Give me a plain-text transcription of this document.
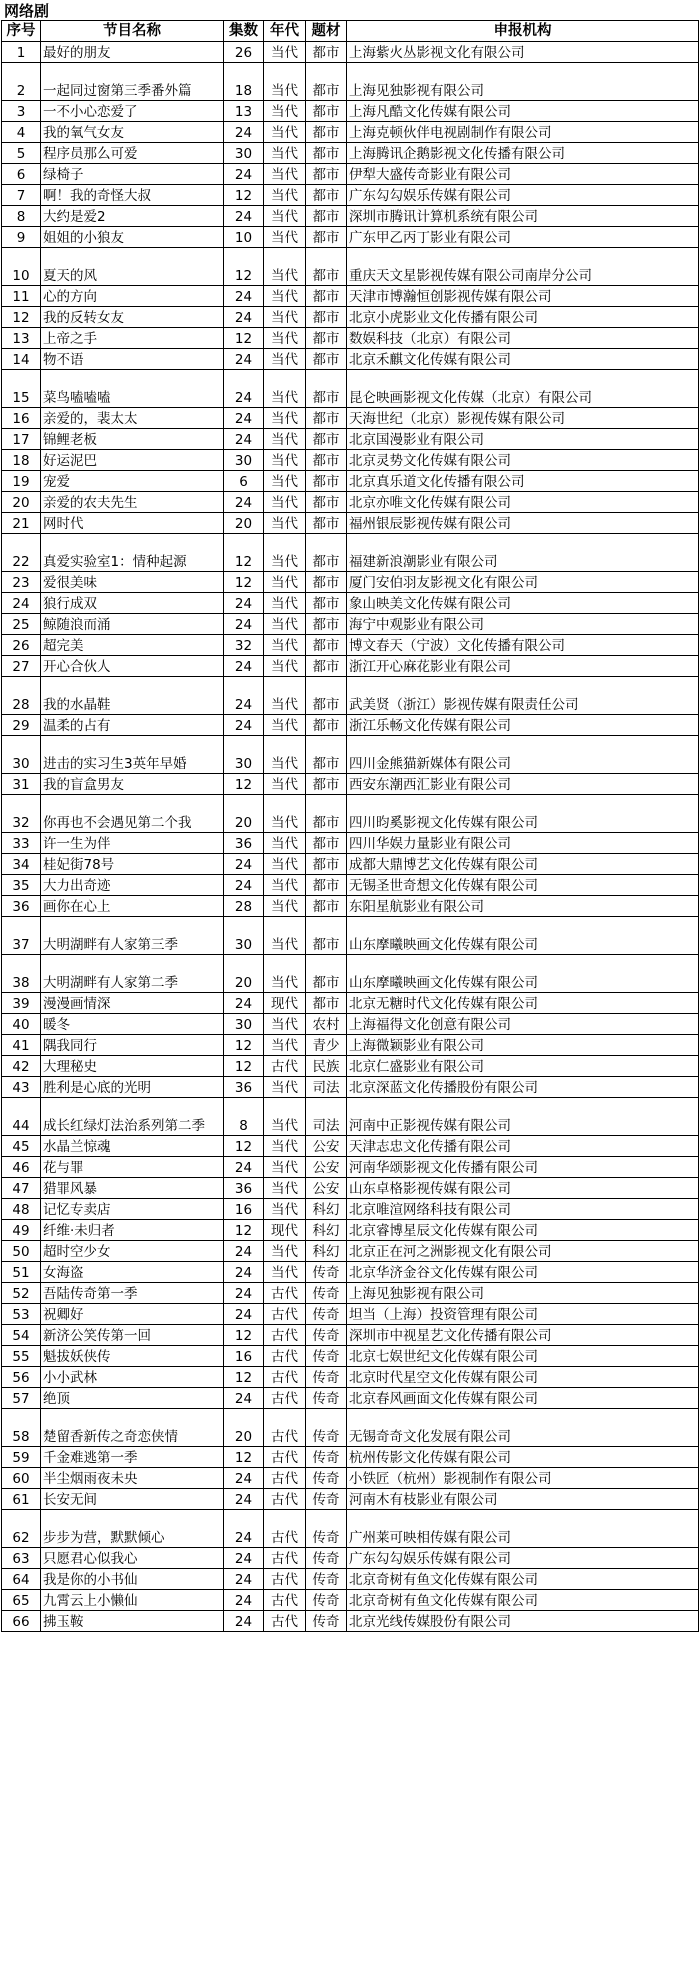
网络剧
序号	节目名称	集数	年代	题材	申报机构
1	最好的朋友	26	当代	都市	上海紫火丛影视文化有限公司
2	一起同过窗第三季番外篇	18	当代	都市	上海见独影视有限公司
3	一不小心恋爱了	13	当代	都市	上海凡酷文化传媒有限公司
4	我的氧气女友	24	当代	都市	上海克顿伙伴电视剧制作有限公司
5	程序员那么可爱	30	当代	都市	上海腾讯企鹅影视文化传播有限公司
6	绿椅子	24	当代	都市	伊犁大盛传奇影业有限公司
7	啊！我的奇怪大叔	12	当代	都市	广东勾勾娱乐传媒有限公司
8	大约是爱2	24	当代	都市	深圳市腾讯计算机系统有限公司
9	姐姐的小狼友	10	当代	都市	广东甲乙丙丁影业有限公司
10	夏天的风	12	当代	都市	重庆天文星影视传媒有限公司南岸分公司
11	心的方向	24	当代	都市	天津市博瀚恒创影视传媒有限公司
12	我的反转女友	24	当代	都市	北京小虎影业文化传播有限公司
13	上帝之手	12	当代	都市	数娱科技（北京）有限公司
14	物不语	24	当代	都市	北京禾麒文化传媒有限公司
15	菜鸟嗑嗑嗑	24	当代	都市	昆仑映画影视文化传媒（北京）有限公司
16	亲爱的，裴太太	24	当代	都市	天海世纪（北京）影视传媒有限公司
17	锦鲤老板	24	当代	都市	北京国漫影业有限公司
18	好运泥巴	30	当代	都市	北京灵势文化传媒有限公司
19	宠爱	6	当代	都市	北京真乐道文化传播有限公司
20	亲爱的农夫先生	24	当代	都市	北京亦唯文化传媒有限公司
21	网时代	20	当代	都市	福州银辰影视传媒有限公司
22	真爱实验室1：情种起源	12	当代	都市	福建新浪潮影业有限公司
23	爱很美味	12	当代	都市	厦门安伯羽友影视文化有限公司
24	狼行成双	24	当代	都市	象山映美文化传媒有限公司
25	鲸随浪而涌	24	当代	都市	海宁中观影业有限公司
26	超完美	32	当代	都市	博文春天（宁波）文化传播有限公司
27	开心合伙人	24	当代	都市	浙江开心麻花影业有限公司
28	我的水晶鞋	24	当代	都市	武美贤（浙江）影视传媒有限责任公司
29	温柔的占有	24	当代	都市	浙江乐畅文化传媒有限公司
30	进击的实习生3英年早婚	30	当代	都市	四川金熊猫新媒体有限公司
31	我的盲盒男友	12	当代	都市	西安东潮西汇影业有限公司
32	你再也不会遇见第二个我	20	当代	都市	四川昀奚影视文化传媒有限公司
33	许一生为伴	36	当代	都市	四川华娱力量影业有限公司
34	桂妃街78号	24	当代	都市	成都大鼎博艺文化传媒有限公司
35	大力出奇迹	24	当代	都市	无锡圣世奇想文化传媒有限公司
36	画你在心上	28	当代	都市	东阳星航影业有限公司
37	大明湖畔有人家第三季	30	当代	都市	山东摩曦映画文化传媒有限公司
38	大明湖畔有人家第二季	20	当代	都市	山东摩曦映画文化传媒有限公司
39	漫漫画情深	24	现代	都市	北京无糖时代文化传媒有限公司
40	暖冬	30	当代	农村	上海福得文化创意有限公司
41	隅我同行	12	当代	青少	上海微颖影业有限公司
42	大理秘史	12	古代	民族	北京仁盛影业有限公司
43	胜利是心底的光明	36	当代	司法	北京深蓝文化传播股份有限公司
44	成长红绿灯法治系列第二季	8	当代	司法	河南中正影视传媒有限公司
45	水晶兰惊魂	12	当代	公安	天津志忠文化传播有限公司
46	花与罪	24	当代	公安	河南华颂影视文化传播有限公司
47	猎罪风暴	36	当代	公安	山东卓格影视传媒有限公司
48	记忆专卖店	16	当代	科幻	北京唯渲网络科技有限公司
49	纤维·未归者	12	现代	科幻	北京睿博星辰文化传媒有限公司
50	超时空少女	24	当代	科幻	北京正在河之洲影视文化有限公司
51	女海盗	24	当代	传奇	北京华济金谷文化传媒有限公司
52	吾陆传奇第一季	24	古代	传奇	上海见独影视有限公司
53	祝卿好	24	古代	传奇	坦当（上海）投资管理有限公司
54	新济公笑传第一回	12	古代	传奇	深圳市中视星艺文化传播有限公司
55	魁拔妖侠传	16	古代	传奇	北京七娱世纪文化传媒有限公司
56	小小武林	12	古代	传奇	北京时代星空文化传媒有限公司
57	绝顶	24	古代	传奇	北京春风画面文化传媒有限公司
58	楚留香新传之奇恋侠情	20	古代	传奇	无锡奇奇文化发展有限公司
59	千金难逃第一季	12	古代	传奇	杭州传影文化传媒有限公司
60	半尘烟雨夜未央	24	古代	传奇	小铁匠（杭州）影视制作有限公司
61	长安无间	24	古代	传奇	河南木有枝影业有限公司
62	步步为营，默默倾心	24	古代	传奇	广州莱可映相传媒有限公司
63	只愿君心似我心	24	古代	传奇	广东勾勾娱乐传媒有限公司
64	我是你的小书仙	24	古代	传奇	北京奇树有鱼文化传媒有限公司
65	九霄云上小懒仙	24	古代	传奇	北京奇树有鱼文化传媒有限公司
66	拂玉鞍	24	古代	传奇	北京光线传媒股份有限公司
